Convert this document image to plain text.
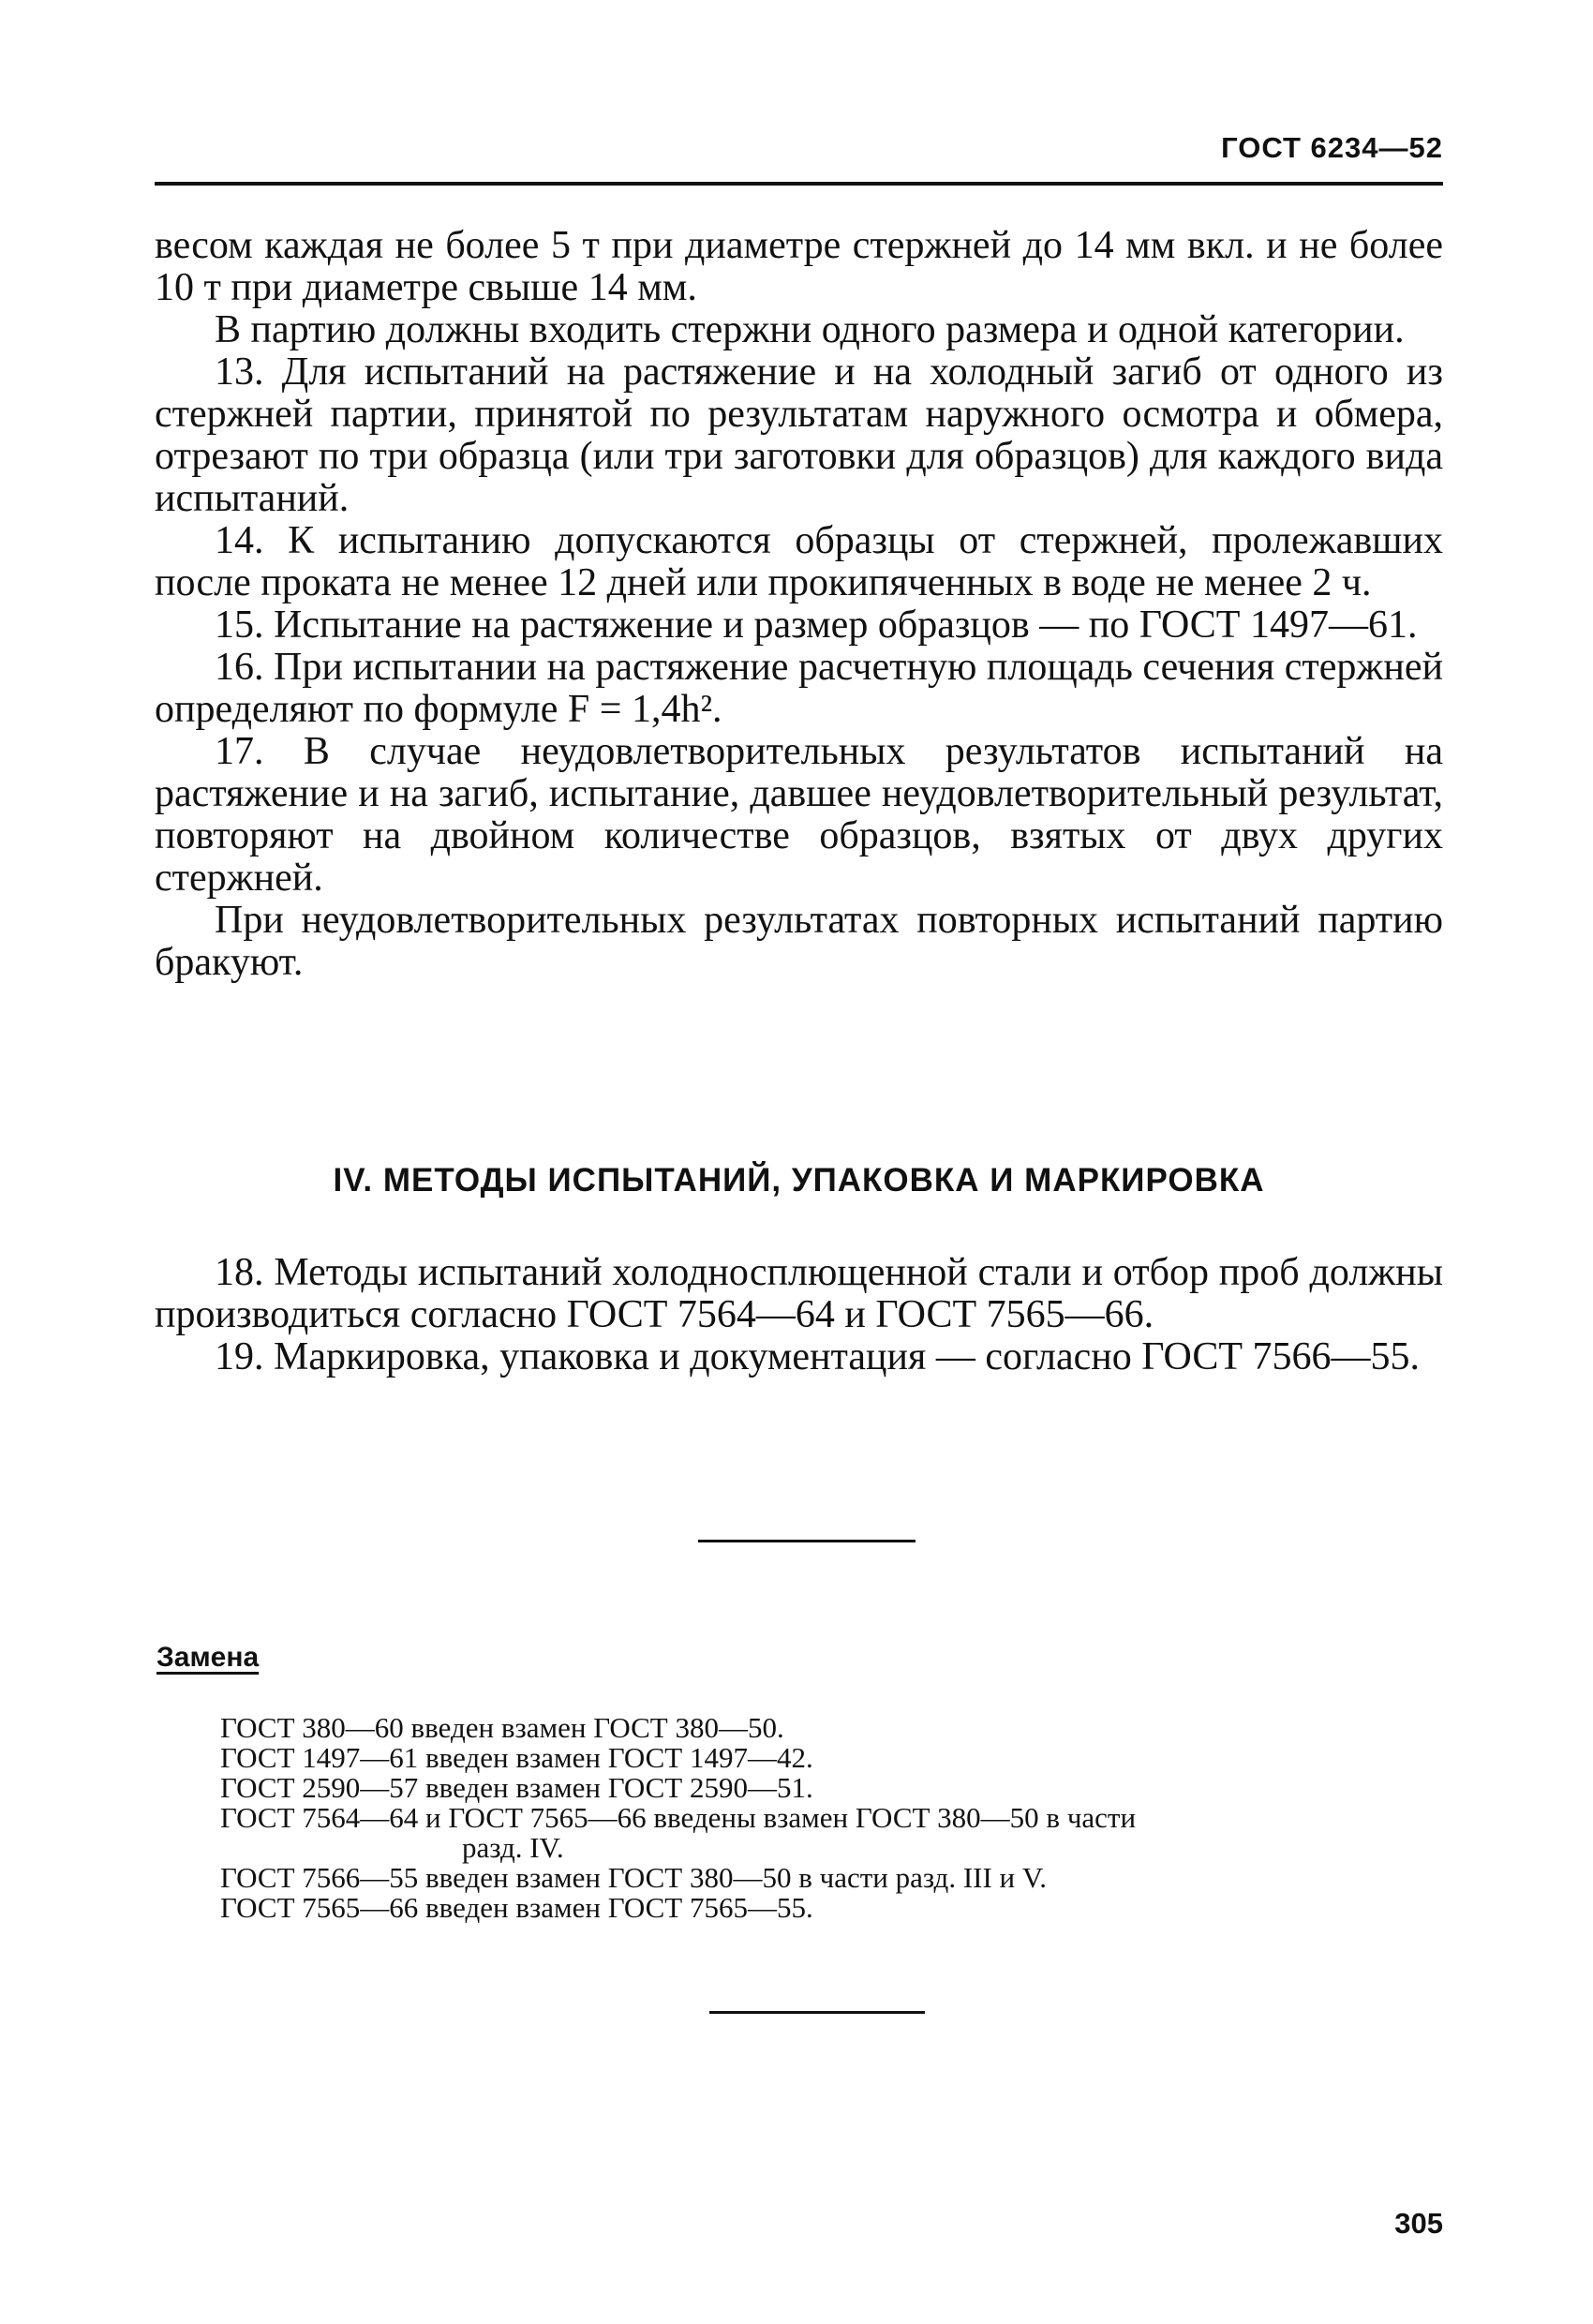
ГОСТ 6234—52

весом каждая не более 5 т при диаметре стержней до 14 мм вкл. и не более 10 т при диаметре свыше 14 мм.

В партию должны входить стержни одного размера и одной категории.

13. Для испытаний на растяжение и на холодный загиб от одного из стержней партии, принятой по результатам наружного осмотра и обмера, отрезают по три образца (или три заготовки для образцов) для каждого вида испытаний.

14. К испытанию допускаются образцы от стержней, пролежавших после проката не менее 12 дней или прокипяченных в воде не менее 2 ч.

15. Испытание на растяжение и размер образцов — по ГОСТ 1497—61.

16. При испытании на растяжение расчетную площадь сечения стержней определяют по формуле F = 1,4h².

17. В случае неудовлетворительных результатов испытаний на растяжение и на загиб, испытание, давшее неудовлетворительный результат, повторяют на двойном количестве образцов, взятых от двух других стержней.

При неудовлетворительных результатах повторных испытаний партию бракуют.

IV. МЕТОДЫ ИСПЫТАНИЙ, УПАКОВКА И МАРКИРОВКА

18. Методы испытаний холодносплющенной стали и отбор проб должны производиться согласно ГОСТ 7564—64 и ГОСТ 7565—66.

19. Маркировка, упаковка и документация — согласно ГОСТ 7566—55.

Замена
ГОСТ 380—60 введен взамен ГОСТ 380—50.
ГОСТ 1497—61 введен взамен ГОСТ 1497—42.
ГОСТ 2590—57 введен взамен ГОСТ 2590—51.
ГОСТ 7564—64 и ГОСТ 7565—66 введены взамен ГОСТ 380—50 в части
разд. IV.
ГОСТ 7566—55 введен взамен ГОСТ 380—50 в части разд. III и V.
ГОСТ 7565—66 введен взамен ГОСТ 7565—55.
305
